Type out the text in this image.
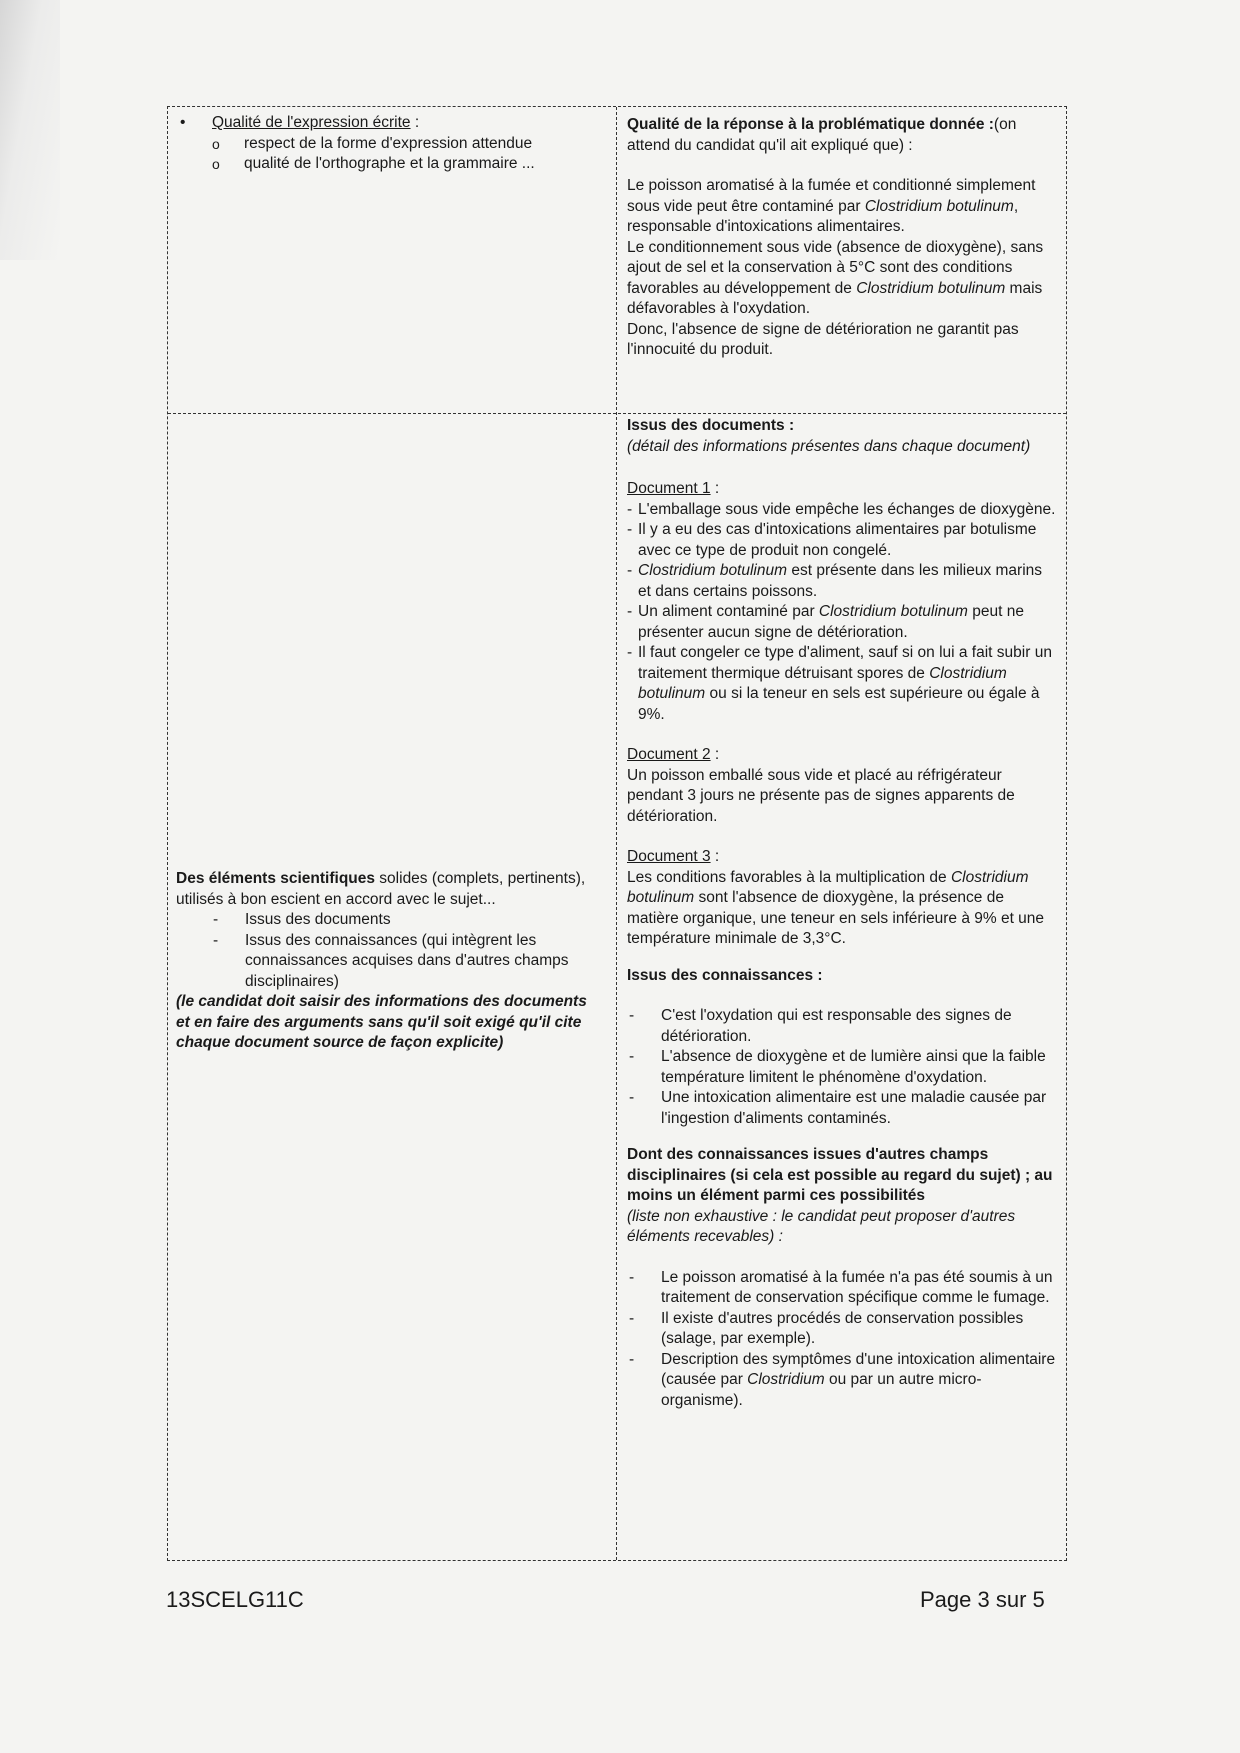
• Qualité de l'expression écrite :
o respect de la forme d'expression attendue
o qualité de l'orthographe et la grammaire ...

Qualité de la réponse à la problématique donnée :(on attend du candidat qu'il ait expliqué que) :

Le poisson aromatisé à la fumée et conditionné simplement sous vide peut être contaminé par Clostridium botulinum, responsable d'intoxications alimentaires.

Le conditionnement sous vide (absence de dioxygène), sans ajout de sel et la conservation à 5°C sont des conditions favorables au développement de Clostridium botulinum mais défavorables à l'oxydation.

Donc, l'absence de signe de détérioration ne garantit pas l'innocuité du produit.

Des éléments scientifiques solides (complets, pertinents), utilisés à bon escient en accord avec le sujet...

- Issus des documents
- Issus des connaissances (qui intègrent les connaissances acquises dans d'autres champs disciplinaires)

(le candidat doit saisir des informations des documents et en faire des arguments sans qu'il soit exigé qu'il cite chaque document source de façon explicite)

Issus des documents :

(détail des informations présentes dans chaque document)

Document 1 :

- L'emballage sous vide empêche les échanges de dioxygène.
- Il y a eu des cas d'intoxications alimentaires par botulisme avec ce type de produit non congelé.
- Clostridium botulinum est présente dans les milieux marins et dans certains poissons.
- Un aliment contaminé par Clostridium botulinum peut ne présenter aucun signe de détérioration.
- Il faut congeler ce type d'aliment, sauf si on lui a fait subir un traitement thermique détruisant spores de Clostridium botulinum ou si la teneur en sels est supérieure ou égale à 9%.

Document 2 :

Un poisson emballé sous vide et placé au réfrigérateur pendant 3 jours ne présente pas de signes apparents de détérioration.

Document 3 :

Les conditions favorables à la multiplication de Clostridium botulinum sont l'absence de dioxygène, la présence de matière organique, une teneur en sels inférieure à 9% et une température minimale de 3,3°C.

Issus des connaissances :

- C'est l'oxydation qui est responsable des signes de détérioration.
- L'absence de dioxygène et de lumière ainsi que la faible température limitent le phénomène d'oxydation.
- Une intoxication alimentaire est une maladie causée par l'ingestion d'aliments contaminés.

Dont des connaissances issues d'autres champs disciplinaires (si cela est possible au regard du sujet) ; au moins un élément parmi ces possibilités

(liste non exhaustive : le candidat peut proposer d'autres éléments recevables) :

- Le poisson aromatisé à la fumée n'a pas été soumis à un traitement de conservation spécifique comme le fumage.
- Il existe d'autres procédés de conservation possibles (salage, par exemple).
- Description des symptômes d'une intoxication alimentaire (causée par Clostridium ou par un autre micro-organisme).
13SCELG11C	Page 3 sur 5
